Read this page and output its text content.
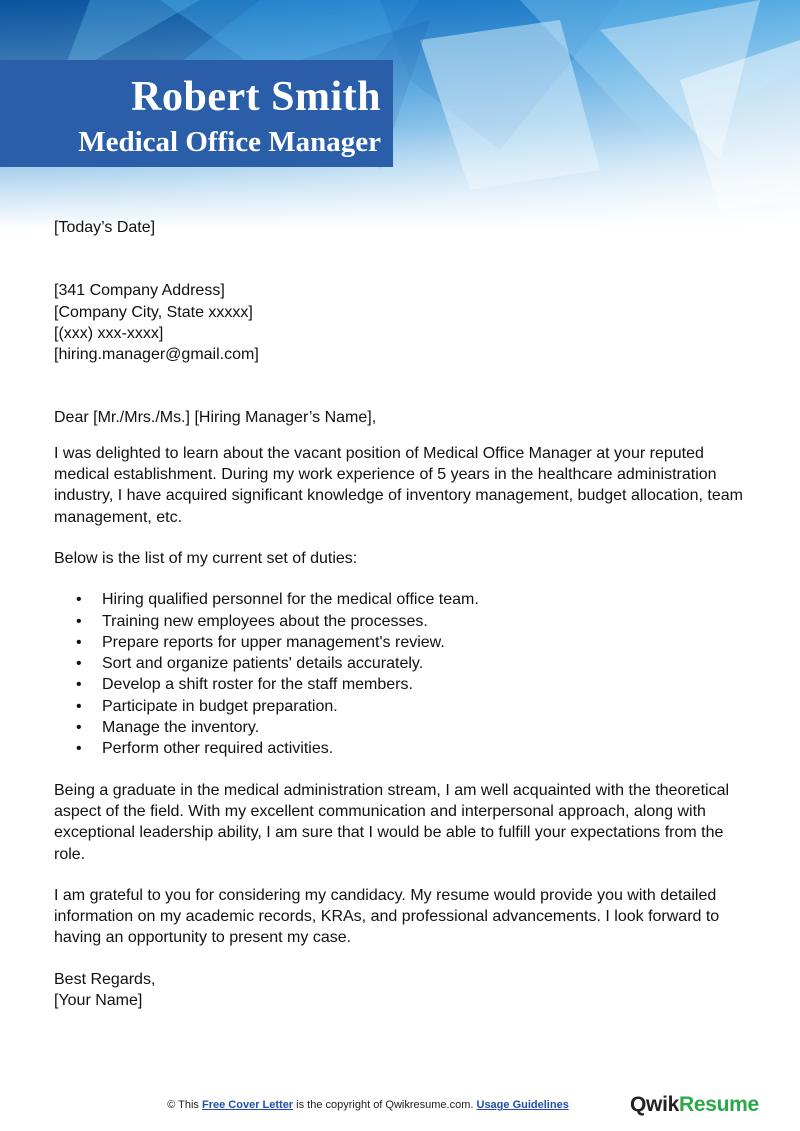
Robert Smith
Medical Office Manager

[Today’s Date]

[341 Company Address]

[Company City, State xxxxx]

[(xxx) xxx-xxxx]

[hiring.manager@gmail.com]

Dear [Mr./Mrs./Ms.] [Hiring Manager’s Name],

I was delighted to learn about the vacant position of Medical Office Manager at your reputed medical establishment. During my work experience of 5 years in the healthcare administration industry, I have acquired significant knowledge of inventory management, budget allocation, team management, etc.

Below is the list of my current set of duties:

• Hiring qualified personnel for the medical office team.
• Training new employees about the processes.
• Prepare reports for upper management's review.
• Sort and organize patients' details accurately.
• Develop a shift roster for the staff members.
• Participate in budget preparation.
• Manage the inventory.
• Perform other required activities.

Being a graduate in the medical administration stream, I am well acquainted with the theoretical aspect of the field. With my excellent communication and interpersonal approach, along with exceptional leadership ability, I am sure that I would be able to fulfill your expectations from the role.

I am grateful to you for considering my candidacy. My resume would provide you with detailed information on my academic records, KRAs, and professional advancements. I look forward to having an opportunity to present my case.

Best Regards,

[Your Name]

© This Free Cover Letter is the copyright of Qwikresume.com. Usage Guidelines	QwikResume
